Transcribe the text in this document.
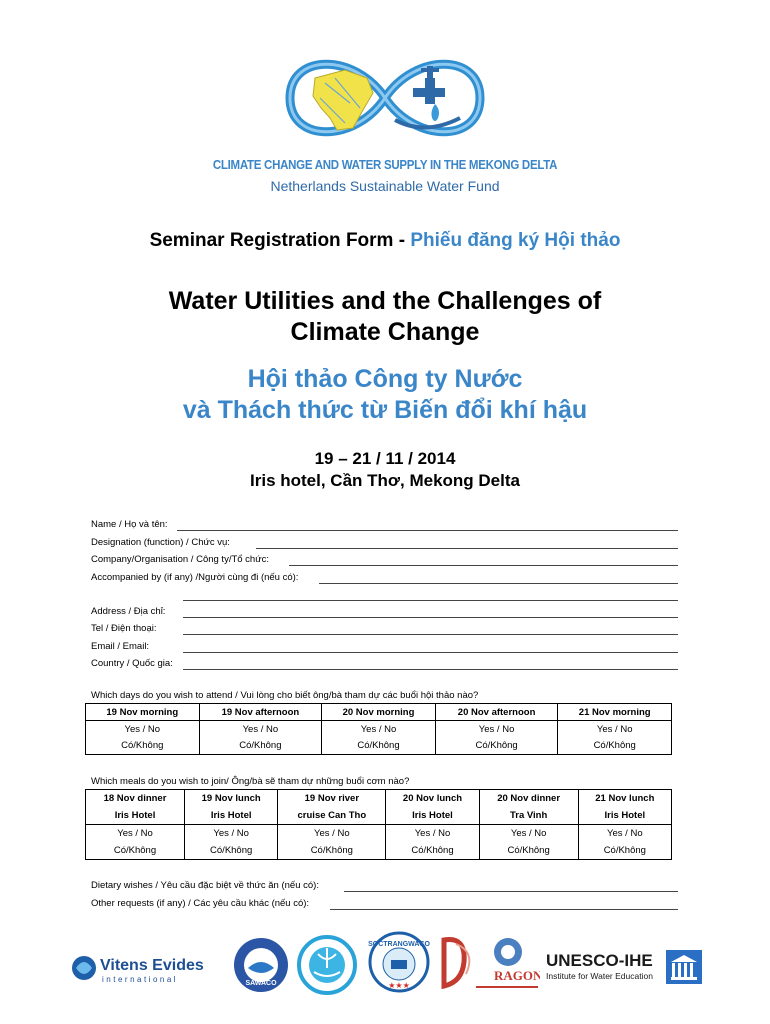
CLIMATE CHANGE AND WATER SUPPLY IN THE MEKONG DELTA
Netherlands Sustainable Water Fund
Seminar Registration Form - Phiếu đăng ký Hội thảo
Water Utilities and the Challenges of
Climate Change
Hội thảo Công ty Nước
và Thách thức từ Biến đổi khí hậu
19 – 21 / 11 / 2014
Iris hotel, Cần Thơ, Mekong Delta
Name / Họ và tên:
Designation (function) / Chức vụ:
Company/Organisation / Công ty/Tổ chức:
Accompanied by (if any) /Người cùng đi (nếu có):
Address / Địa chỉ:
Tel / Điện thoại:
Email / Email:
Country / Quốc gia:
Which days do you wish to attend / Vui lòng cho biết ông/bà tham dự các buổi hội thảo nào?
19 Nov morning	19 Nov afternoon	20 Nov morning	20 Nov afternoon	21 Nov morning
Yes / No	Yes / No	Yes / No	Yes / No	Yes / No
Có/Không	Có/Không	Có/Không	Có/Không	Có/Không
Which meals do you wish to join/ Ông/bà sẽ tham dự những buổi cơm nào?
18 Nov dinner	19 Nov lunch	19 Nov river	20 Nov lunch	20 Nov dinner	21 Nov lunch
Iris Hotel	Iris Hotel	cruise Can Tho	Iris Hotel	Tra Vinh	Iris Hotel
Yes / No	Yes / No	Yes / No	Yes / No	Yes / No	Yes / No
Có/Không	Có/Không	Có/Không	Có/Không	Có/Không	Có/Không
Dietary wishes / Yêu cầu đặc biệt về thức ăn (nếu có):
Other requests (if any) / Các yêu cầu khác (nếu có):
Vitens Evides
international	SAWACO
SOCTRANGWACO
★★★
RAGON
UNESCO-IHE
Institute for Water Education
